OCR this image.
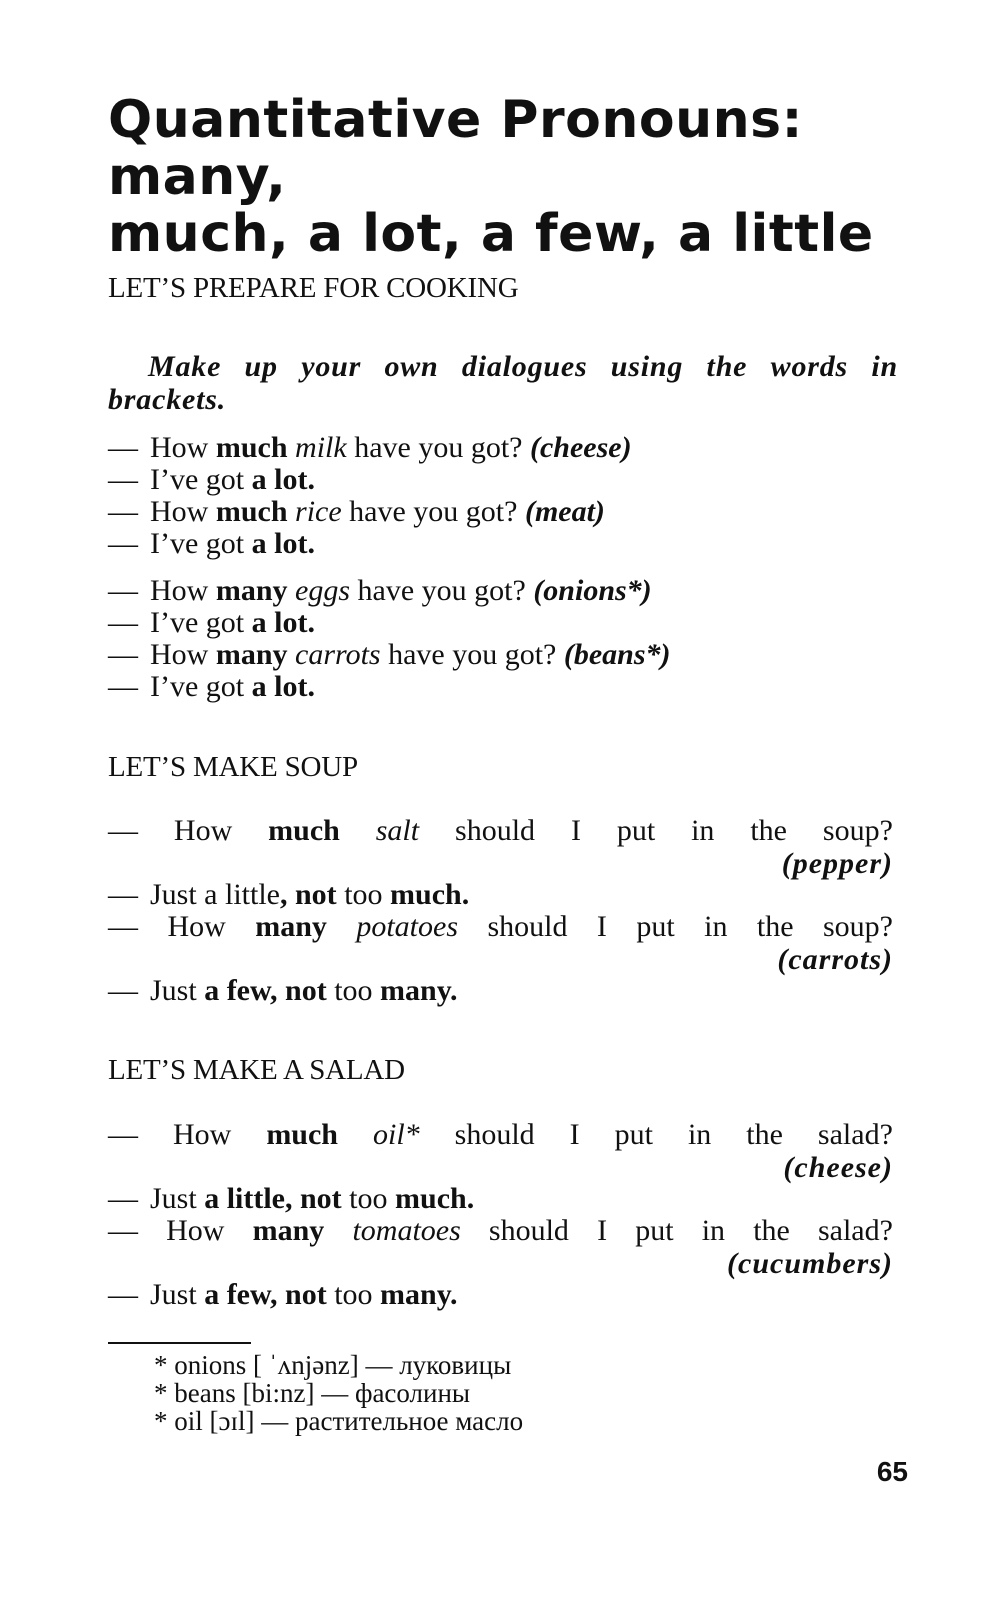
Quantitative Pronouns: many,
much, a lot, a few, a little
LET’S PREPARE FOR COOKING

Make up your own dialogues using the words in brackets.

— How much milk have you got? (cheese)
— I’ve got a lot.
— How much rice have you got? (meat)
— I’ve got a lot.
— How many eggs have you got? (onions*)
— I’ve got a lot.
— How many carrots have you got? (beans*)
— I’ve got a lot.
LET’S MAKE SOUP
— How much salt should I put in the soup?
(pepper)
— Just a little, not too much.
— How many potatoes should I put in the soup?
(carrots)
— Just a few, not too many.
LET’S MAKE A SALAD
— How much oil* should I put in the salad?
(cheese)
— Just a little, not too much.
— How many tomatoes should I put in the salad?
(cucumbers)
— Just a few, not too many.
* onions [ ˈʌnjənz] — луковицы
* beans [bi:nz] — фасолины
* oil [ɔɪl] — растительное масло
65
